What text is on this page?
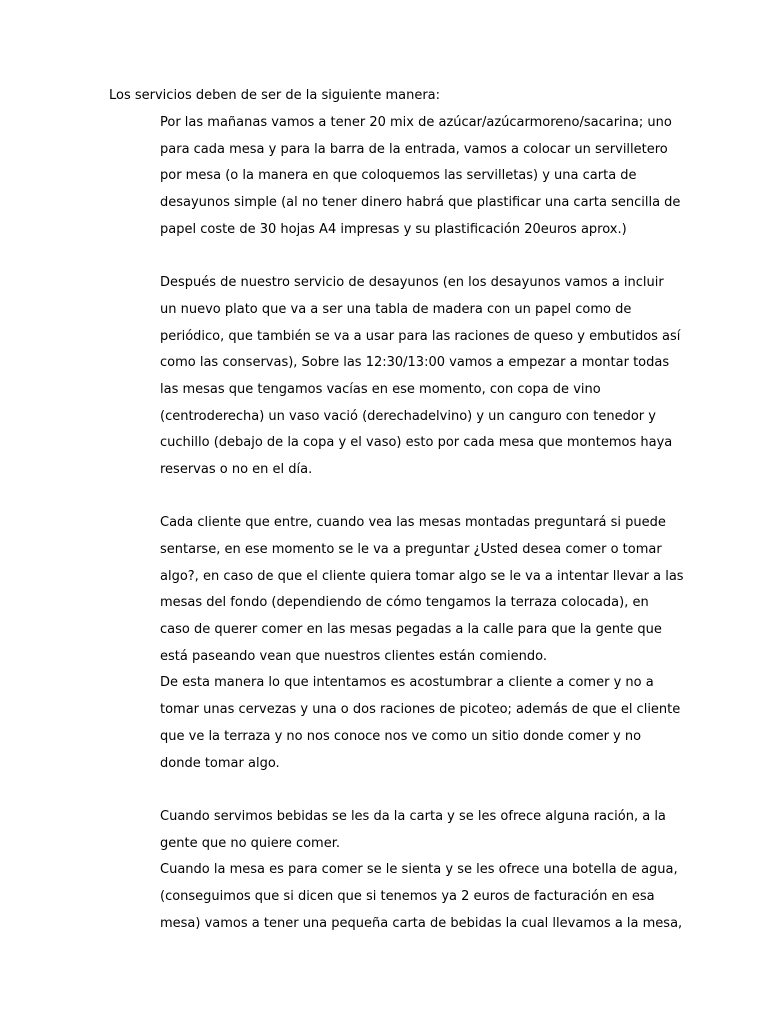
Los servicios deben de ser de la siguiente manera:
Por las mañanas vamos a tener 20 mix de azúcar/azúcarmoreno/sacarina; uno
para cada mesa y para la barra de la entrada, vamos a colocar un servilletero
por mesa (o la manera en que coloquemos las servilletas) y una carta de
desayunos simple (al no tener dinero habrá que plastificar una carta sencilla de
papel coste de 30 hojas A4 impresas y su plastificación 20euros aprox.)
Después de nuestro servicio de desayunos (en los desayunos vamos a incluir
un nuevo plato que va a ser una tabla de madera con un papel como de
periódico, que también se va a usar para las raciones de queso y embutidos así
como las conservas), Sobre las 12:30/13:00 vamos a empezar a montar todas
las mesas que tengamos vacías en ese momento, con copa de vino
(centroderecha) un vaso vació (derechadelvino) y un canguro con tenedor y
cuchillo (debajo de la copa y el vaso) esto por cada mesa que montemos haya
reservas o no en el día.
Cada cliente que entre, cuando vea las mesas montadas preguntará si puede
sentarse, en ese momento se le va a preguntar ¿Usted desea comer o tomar
algo?, en caso de que el cliente quiera tomar algo se le va a intentar llevar a las
mesas del fondo (dependiendo de cómo tengamos la terraza colocada), en
caso de querer comer en las mesas pegadas a la calle para que la gente que
está paseando vean que nuestros clientes están comiendo.
De esta manera lo que intentamos es acostumbrar a cliente a comer y no a
tomar unas cervezas y una o dos raciones de picoteo; además de que el cliente
que ve la terraza y no nos conoce nos ve como un sitio donde comer y no
donde tomar algo.
Cuando servimos bebidas se les da la carta y se les ofrece alguna ración, a la
gente que no quiere comer.
Cuando la mesa es para comer se le sienta y se les ofrece una botella de agua,
(conseguimos que si dicen que si tenemos ya 2 euros de facturación en esa
mesa) vamos a tener una pequeña carta de bebidas la cual llevamos a la mesa,
